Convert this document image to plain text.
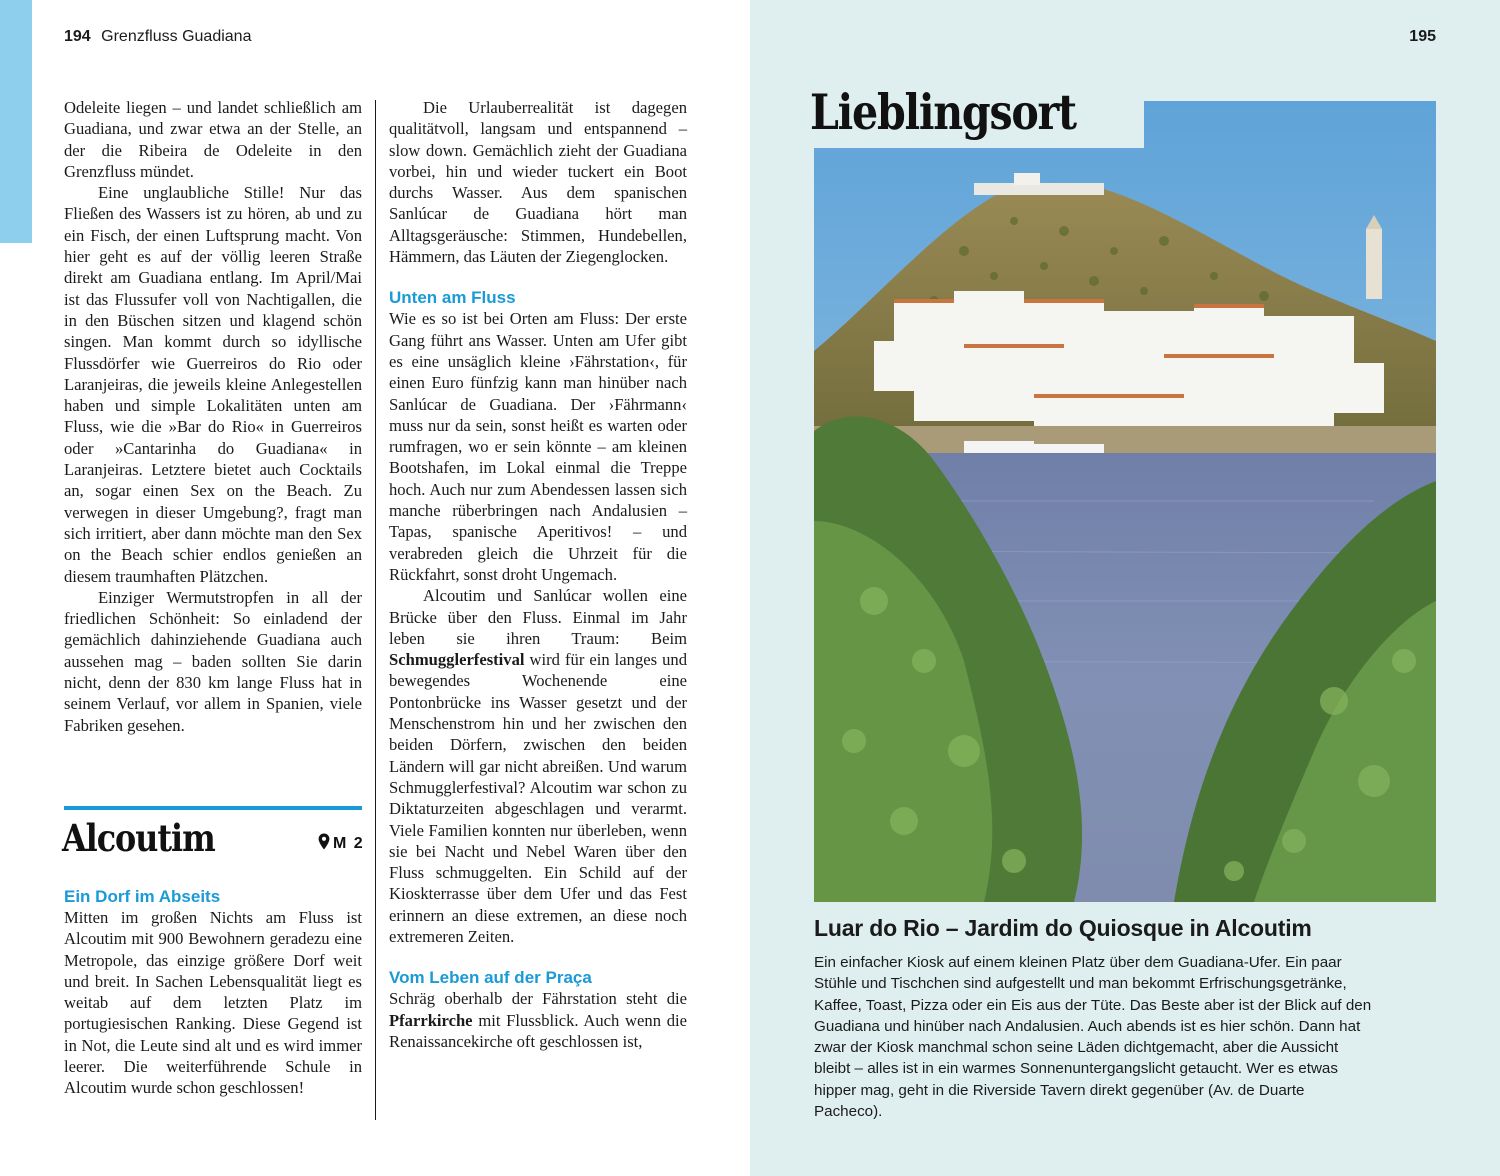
194 Grenzfluss Guadiana

Odeleite liegen – und landet schließlich am Guadiana, und zwar etwa an der Stelle, an der die Ribeira de Odeleite in den Grenzfluss mündet.

Eine unglaubliche Stille! Nur das Fließen des Wassers ist zu hören, ab und zu ein Fisch, der einen Luftsprung macht. Von hier geht es auf der völlig leeren Straße direkt am Guadiana entlang. Im April/Mai ist das Flussufer voll von Nachtigallen, die in den Büschen sitzen und klagend schön singen. Man kommt durch so idyllische Flussdörfer wie Guerreiros do Rio oder Laranjeiras, die jeweils kleine Anlegestellen haben und simple Lokalitäten unten am Fluss, wie die »Bar do Rio« in Guerreiros oder »Cantarinha do Guadiana« in Laranjeiras. Letztere bietet auch Cocktails an, sogar einen Sex on the Beach. Zu verwegen in dieser Umgebung?, fragt man sich irritiert, aber dann möchte man den Sex on the Beach schier endlos genießen an diesem traumhaften Plätzchen.

Einziger Wermutstropfen in all der friedlichen Schönheit: So einladend der gemächlich dahinziehende Guadiana auch aussehen mag – baden sollten Sie darin nicht, denn der 830 km lange Fluss hat in seinem Verlauf, vor allem in Spanien, viele Fabriken gesehen.

Alcoutim	M 2

Ein Dorf im Abseits

Mitten im großen Nichts am Fluss ist Alcoutim mit 900 Bewohnern geradezu eine Metropole, das einzige größere Dorf weit und breit. In Sachen Lebensqualität liegt es weitab auf dem letzten Platz im portugiesischen Ranking. Diese Gegend ist in Not, die Leute sind alt und es wird immer leerer. Die weiterführende Schule in Alcoutim wurde schon geschlossen!

Die Urlauberrealität ist dagegen qualitätvoll, langsam und entspannend – slow down. Gemächlich zieht der Guadiana vorbei, hin und wieder tuckert ein Boot durchs Wasser. Aus dem spanischen Sanlúcar de Guadiana hört man Alltagsgeräusche: Stimmen, Hundebellen, Hämmern, das Läuten der Ziegenglocken.

Unten am Fluss

Wie es so ist bei Orten am Fluss: Der erste Gang führt ans Wasser. Unten am Ufer gibt es eine unsäglich kleine ›Fährstation‹, für einen Euro fünfzig kann man hinüber nach Sanlúcar de Guadiana. Der ›Fährmann‹ muss nur da sein, sonst heißt es warten oder rumfragen, wo er sein könnte – am kleinen Bootshafen, im Lokal einmal die Treppe hoch. Auch nur zum Abendessen lassen sich manche rüberbringen nach Andalusien – Tapas, spanische Aperitivos! – und verabreden gleich die Uhrzeit für die Rückfahrt, sonst droht Ungemach.

Alcoutim und Sanlúcar wollen eine Brücke über den Fluss. Einmal im Jahr leben sie ihren Traum: Beim Schmugglerfestival wird für ein langes und bewegendes Wochenende eine Pontonbrücke ins Wasser gesetzt und der Menschenstrom hin und her zwischen den beiden Dörfern, zwischen den beiden Ländern will gar nicht abreißen. Und warum Schmugglerfestival? Alcoutim war schon zu Diktaturzeiten abgeschlagen und verarmt. Viele Familien konnten nur überleben, wenn sie bei Nacht und Nebel Waren über den Fluss schmuggelten. Ein Schild auf der Kioskterrasse über dem Ufer und das Fest erinnern an diese extremen, an diese noch extremeren Zeiten.

Vom Leben auf der Praça

Schräg oberhalb der Fährstation steht die Pfarrkirche mit Flussblick. Auch wenn die Renaissancekirche oft geschlossen ist,

195
Lieblingsort
Luar do Rio – Jardim do Quiosque in Alcoutim
Ein einfacher Kiosk auf einem kleinen Platz über dem Guadiana-Ufer. Ein paar Stühle und Tischchen sind aufgestellt und man bekommt Erfrischungsgetränke, Kaffee, Toast, Pizza oder ein Eis aus der Tüte. Das Beste aber ist der Blick auf den Guadiana und hinüber nach Andalusien. Auch abends ist es hier schön. Dann hat zwar der Kiosk manchmal schon seine Läden dichtgemacht, aber die Aussicht bleibt – alles ist in ein warmes Sonnenuntergangslicht getaucht. Wer es etwas hipper mag, geht in die Riverside Tavern direkt gegenüber (Av. de Duarte Pacheco).
